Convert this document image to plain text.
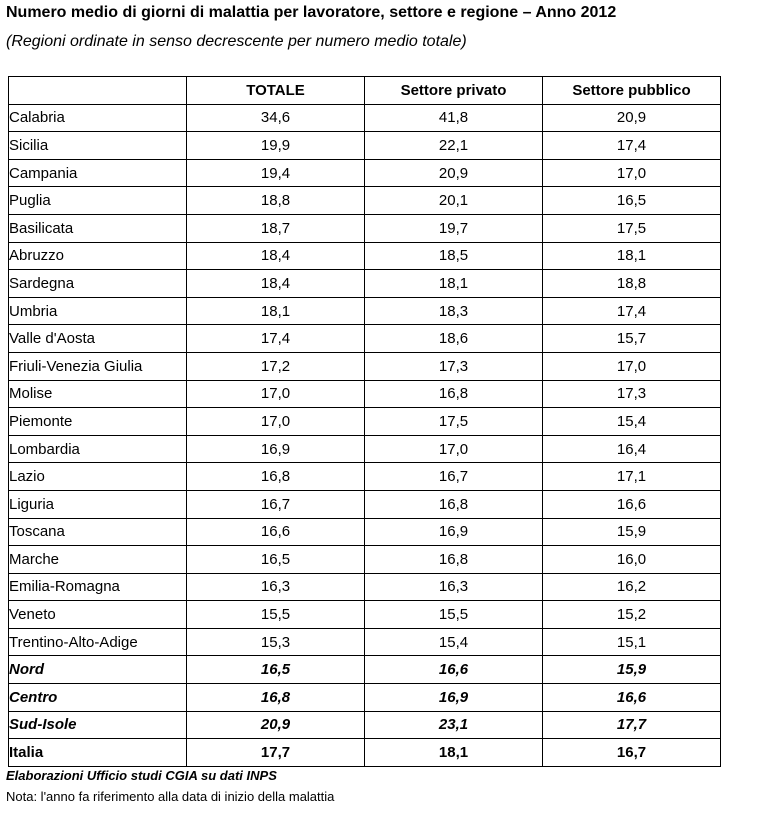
Numero medio di giorni di malattia per lavoratore, settore e regione – Anno 2012
(Regioni ordinate in senso decrescente per numero medio totale)
	TOTALE	Settore privato	Settore pubblico
Calabria	34,6	41,8	20,9
Sicilia	19,9	22,1	17,4
Campania	19,4	20,9	17,0
Puglia	18,8	20,1	16,5
Basilicata	18,7	19,7	17,5
Abruzzo	18,4	18,5	18,1
Sardegna	18,4	18,1	18,8
Umbria	18,1	18,3	17,4
Valle d'Aosta	17,4	18,6	15,7
Friuli-Venezia Giulia	17,2	17,3	17,0
Molise	17,0	16,8	17,3
Piemonte	17,0	17,5	15,4
Lombardia	16,9	17,0	16,4
Lazio	16,8	16,7	17,1
Liguria	16,7	16,8	16,6
Toscana	16,6	16,9	15,9
Marche	16,5	16,8	16,0
Emilia-Romagna	16,3	16,3	16,2
Veneto	15,5	15,5	15,2
Trentino-Alto-Adige	15,3	15,4	15,1
Nord	16,5	16,6	15,9
Centro	16,8	16,9	16,6
Sud-Isole	20,9	23,1	17,7
Italia	17,7	18,1	16,7
Elaborazioni Ufficio studi CGIA su dati INPS
Nota: l'anno fa riferimento alla data di inizio della malattia
